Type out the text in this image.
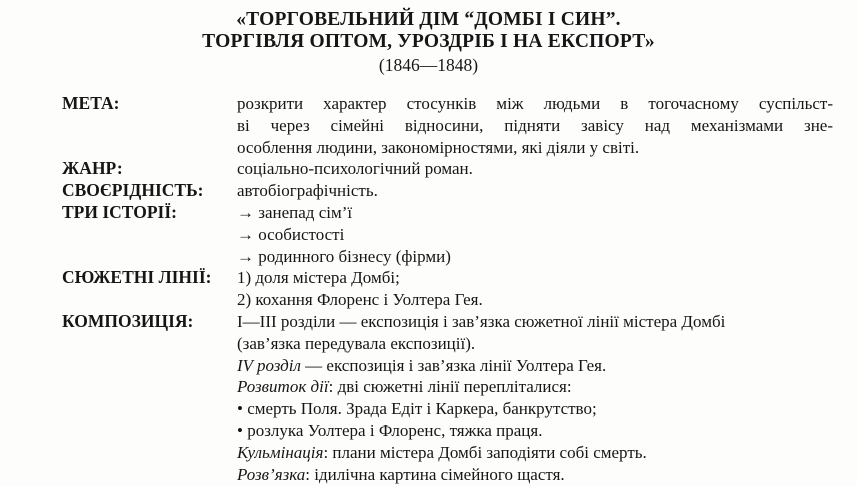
«ТОРГОВЕЛЬНИЙ ДІМ “ДОМБІ І СИН”.
ТОРГІВЛЯ ОПТОМ, УРОЗДРІБ І НА ЕКСПОРТ»
(1846—1848)
МЕТА:	розкрити характер стосунків між людьми в тогочасному суспільст-
ві через сімейні відносини, підняти завісу над механізмами зне-
особлення людини, закономірностями, які діяли у світі.
ЖАНР:	соціально-психологічний роман.
СВОЄРІДНІСТЬ:	автобіографічність.
ТРИ ІСТОРІЇ:	→ занепад сім’ї
→ особистості
→ родинного бізнесу (фірми)
СЮЖЕТНІ ЛІНІЇ:	1) доля містера Домбі;
2) кохання Флоренс і Уолтера Гея.
КОМПОЗИЦІЯ:	I—III розділи — експозиція і зав’язка сюжетної лінії містера Домбі
(зав’язка передувала експозиції).
IV розділ — експозиція і зав’язка лінії Уолтера Гея.
Розвиток дії: дві сюжетні лінії перепліталися:
• смерть Поля. Зрада Едіт і Каркера, банкрутство;
• розлука Уолтера і Флоренс, тяжка праця.
Кульмінація: плани містера Домбі заподіяти собі смерть.
Розв’язка: ідилічна картина сімейного щастя.
